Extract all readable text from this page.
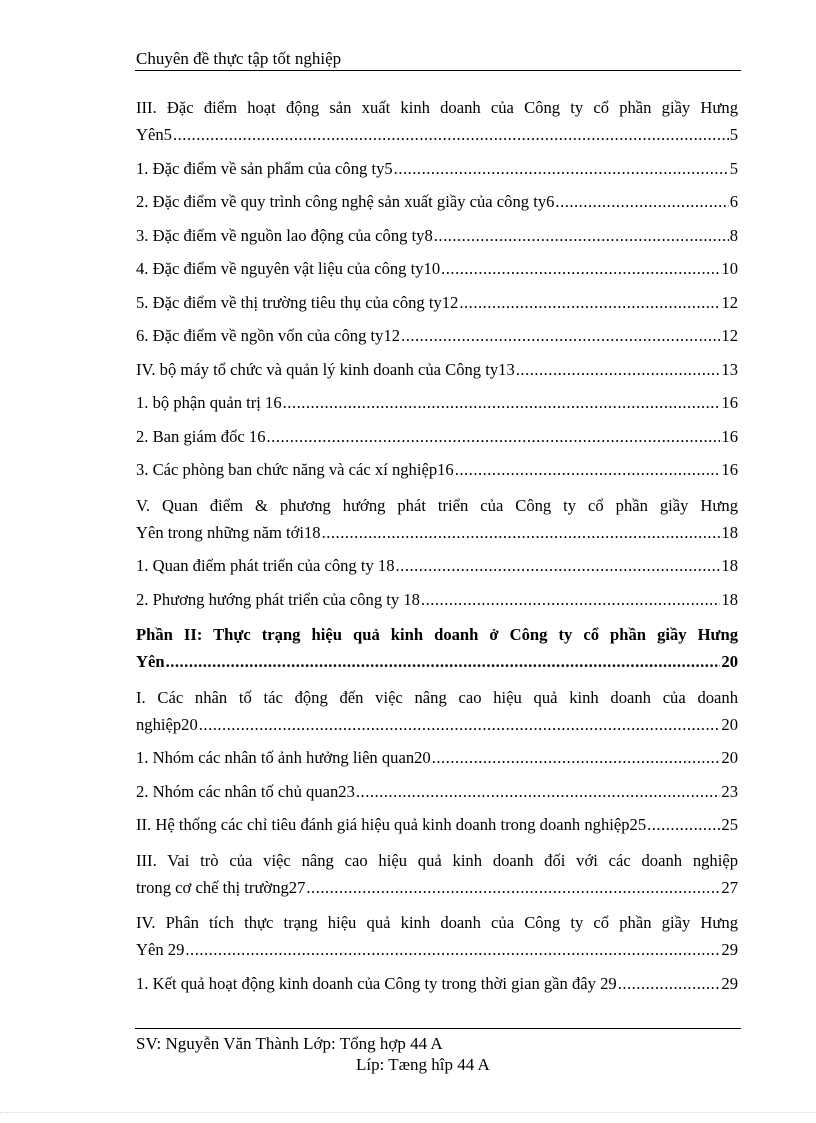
Chuyên đề thực tập tốt nghiệp
III. Đặc điểm hoạt động sản xuất kinh doanh của Công ty cổ phần giầy Hưng
Yên5 .....	5
1. Đặc điểm về sản phẩm của công ty5 .....	5
2. Đặc điểm về quy trình công nghệ sản xuất giầy của công ty6 .....	6
3. Đặc điểm về nguồn lao động của công ty8 .....	8
4. Đặc điểm về nguyên vật liệu của công ty10 .....	10
5. Đặc điểm về thị trường tiêu thụ của công ty12 .....	12
6. Đặc điểm về ngồn vốn của công ty12 .....	12
IV. bộ máy tổ chức và quản lý kinh doanh của Công ty13 .....	13
1. bộ phận quản trị 16 .....	16
2. Ban giám đốc 16 .....	16
3. Các phòng ban chức năng và các xí nghiệp16 .....	16
V. Quan điểm & phương hướng phát triển của Công ty cổ phần giầy Hưng
Yên trong những năm tới18 .....	18
1. Quan điểm phát triển của công ty 18 .....	18
2. Phương hướng phát triển của công ty 18 .....	18
Phần II: Thực trạng hiệu quả kinh doanh ở Công ty cổ phần giầy Hưng
Yên .....	20
I. Các nhân tố tác động đến việc nâng cao hiệu quả kinh doanh của doanh
nghiệp20 .....	20
1. Nhóm các nhân tố ảnh hưởng liên quan20 .....	20
2. Nhóm các nhân tố chủ quan23 .....	23
II. Hệ thống các chỉ tiêu đánh giá hiệu quả kinh doanh trong doanh nghiệp25 .....	25
III. Vai trò của việc nâng cao hiệu quả kinh doanh đối với các doanh nghiệp
trong cơ chế thị trường27 .....	27
IV. Phân tích thực trạng hiệu quả kinh doanh của Công ty cổ phần giầy Hưng
Yên 29 .....	29
1. Kết quả hoạt động kinh doanh của Công ty trong thời gian gần đây 29 .....	29
SV: Nguyễn Văn Thành Lớp: Tổng hợp 44 A
Líp: Tæng hîp 44 A
